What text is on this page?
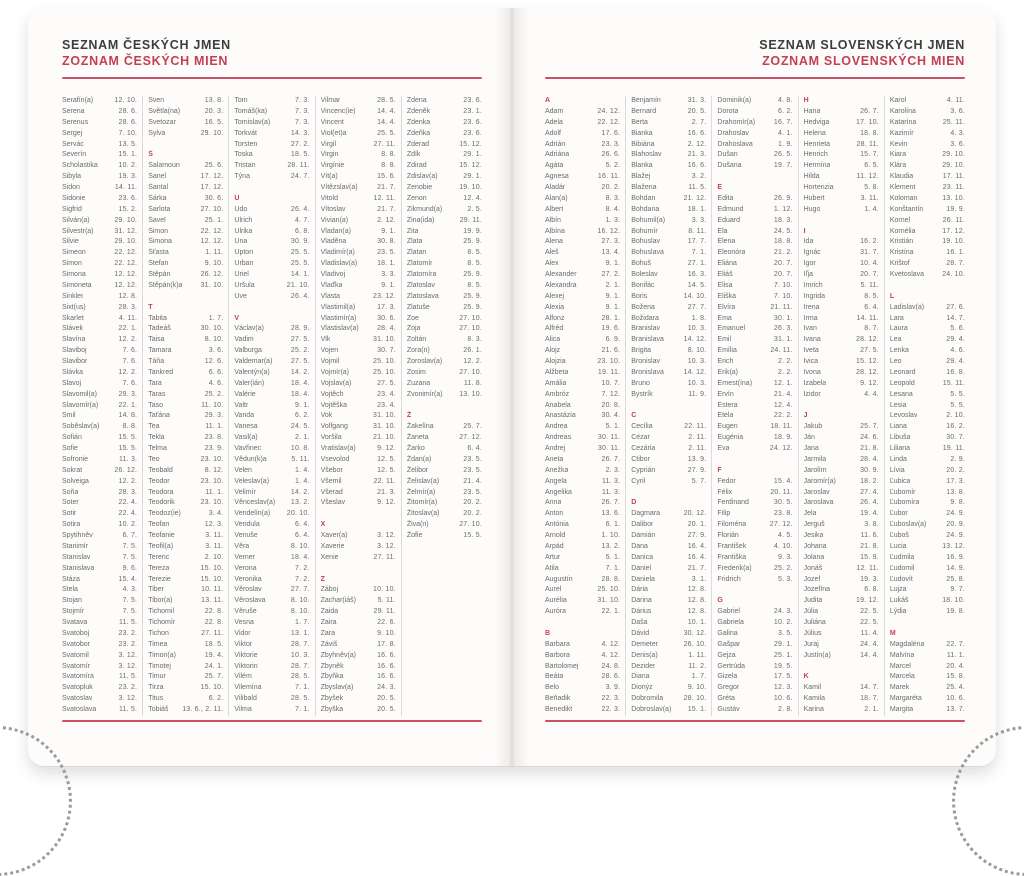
SEZNAM ČESKÝCH JMEN
ZOZNAM ČESKÝCH MIEN
Serafín(a)	12. 10.
Serena	28. 6.
Serenus	28. 6.
Sergej	7. 10.
Servác	13. 5.
Severín	15. 1.
Scholastika	10. 2.
Sibyla	19. 3.
Sidon	14. 11.
Sidonie	23. 6.
Sigfrid	15. 2.
Silván(a)	29. 10.
Silvestr(a)	31. 12.
Silvie	29. 10.
Simeon	22. 12.
Simon	22. 12.
Simona	12. 12.
Simoneta	12. 12.
Sinkler	12. 8.
Sixt(us)	28. 3.
Skarlet	4. 11.
Slávek	22. 1.
Slavína	12. 2.
Slaviboj	7. 6.
Slavibor	7. 6.
Slávka	12. 2.
Slavoj	7. 6.
Slavomil(a)	29. 3.
Slavomír(a)	22. 1.
Smil	14. 8.
Soběslav(a)	8. 8.
Sofián	15. 5.
Sofie	15. 5.
Sofronie	11. 3.
Sokrat	26. 12.
Solveiga	12. 2.
Soňa	28. 3.
Soter	22. 4.
Sotir	22. 4.
Sotira	10. 2.
Spytihněv	6. 7.
Stanimír	7. 5.
Stanislav	7. 5.
Stanislava	9. 6.
Stáza	15. 4.
Stela	4. 3.
Stojan	7. 5.
Stojmír	7. 5.
Svatava	11. 5.
Svatoboj	23. 2.
Svatobor	23. 2.
Svatomil	3. 12.
Svatomír	3. 12.
Svatomíra	11. 5.
Svatopluk	23. 2.
Svatoslav	3. 12.
Svatoslava	11. 5.
Sven	13. 8.
Světla(na)	20. 3.
Svetozar	16. 5.
Sylva	29. 10.
Š
Šalamoun	25. 6.
Šanel	17. 12.
Šantal	17. 12.
Šárka	30. 6.
Šarlota	27. 10.
Šavel	25. 1.
Šimon	22. 12.
Šimona	12. 12.
Šťasta	1. 11.
Štefan	9. 10.
Štěpán	26. 12.
Štěpán(k)a	31. 10.
T
Tabita	1. 7.
Tadeáš	30. 10.
Taisa	8. 10.
Tamara	3. 6.
Táňa	12. 6.
Tankred	6. 6.
Tara	4. 6.
Taras	25. 2.
Taso	11. 10.
Taťána	29. 3.
Tea	11. 1.
Tekla	23. 8.
Telma	23. 9.
Teo	23. 10.
Teobald	8. 12.
Teodor	23. 10.
Teodora	11. 1.
Teodorik	23. 10.
Teodoz(ie)	3. 4.
Teofan	12. 3.
Teofanie	3. 11.
Teofil(a)	3. 11.
Terenc	2. 10.
Tereza	15. 10.
Terezie	15. 10.
Tiber	10. 11.
Tibor(a)	13. 11.
Tichomil	22. 8.
Tichomír	22. 8.
Tichon	27. 11.
Timea	18. 5.
Timon(a)	19. 4.
Timotej	24. 1.
Timur	25. 7.
Tirza	15. 10.
Titus	6. 2.
Tobiáš 13. 6., 2. 11.
Tom	7. 3.
Tomáš(ka)	7. 3.
Tomislav(a)	7. 3.
Torkvát	14. 3.
Torsten	27. 2.
Toska	18. 5.
Tristan	28. 11.
Týna	24. 7.
U
Udo	26. 4.
Ulrich	4. 7.
Ulrika	6. 8.
Una	30. 9.
Upton	25. 5.
Urban	25. 5.
Uriel	14. 1.
Uršula	21. 10.
Uve	26. 4.
V
Václav(a)	28. 9.
Vadim	27. 5.
Valburga	25. 2.
Valdemar(a)	27. 5.
Valentýn(a)	14. 2.
Valer(ián)	18. 4.
Valérie	18. 4.
Valtr	9. 1.
Vanda	6. 2.
Vanesa	24. 5.
Vasil(a)	2. 1.
Vavřinec	10. 8.
Vědun(k)a	5. 11.
Velen	1. 4.
Veleslav(a)	1. 4.
Velimír	14. 2.
Věnceslav(a) 13. 2.
Vendelín(a) 20. 10.
Vendula	6. 4.
Venuše	6. 4.
Věra	8. 10.
Verner	18. 4.
Verona	7. 2.
Veronika	7. 2.
Věroslav	27. 7.
Věroslava	8. 10.
Věruše	8. 10.
Vesna	1. 7.
Vidor	13. 1.
Viktor	28. 7.
Viktorie	10. 3.
Viktorin	28. 7.
Vilém	28. 5.
Vilemína	7. 1.
Vilibald	28. 5.
Vilma	7. 1.
Vilmar	28. 5.
Vincenc(ie)	14. 4.
Vincent	14. 4.
Viol(et)a	25. 5.
Virgil	27. 11.
Virgin	8. 8.
Virgínie	8. 8.
Vít(a)	15. 6.
Vítězslav(a)	21. 7.
Vitold	12. 11.
Vítoslav	21. 7.
Vivian(a)	2. 12.
Vladan(a)	9. 1.
Vladěna	30. 8.
Vladimír(a)	23. 5.
Vladislav(a)	18. 1.
Vladivoj	3. 3.
Vlaďka	9. 1.
Vlasta	23. 12.
Vlastimil(a)	17. 3.
Vlastimír(a)	30. 6.
Vlastislav(a)	28. 4.
Vlk	31. 10.
Vojen	30. 7.
Vojmil	25. 10.
Vojmír(a)	25. 10.
Vojslav(a)	27. 5.
Vojtěch	23. 4.
Vojtěška	23. 4.
Vok	31. 10.
Volfgang	31. 10.
Voršila	21. 10.
Vratislav(a)	9. 12.
Vsevolod	12. 5.
Všebor	12. 5.
Všemil	22. 11.
Všerad	21. 3.
Všeslav	9. 12.
X
Xaver(a)	3. 12.
Xaverie	3. 12.
Xenie	27. 11.
Z
Záboj	10. 10.
Zachar(iáš)	5. 11.
Zaida	29. 11.
Zaira	22. 6.
Zara	9. 10.
Záviš	17. 8.
Zbyhněv(a)	16. 6.
Zbyněk	16. 6.
Zbyňka	16. 6.
Zbyslav(a)	24. 3.
Zbyšek	20. 5.
Zbyška	20. 5.
Zdena	23. 6.
Zdeněk	23. 1.
Zdenka	23. 6.
Zdeňka	23. 6.
Zderad	15. 12.
Zdík	29. 1.
Zdirad	15. 12.
Zdislav(a)	29. 1.
Zenobie	19. 10.
Zenon	12. 4.
Zikmund(a)	2. 5.
Zina(ida)	29. 11.
Zita	19. 9.
Zlata	25. 9.
Zlatan	8. 5.
Zlatomír	8. 5.
Zlatomíra	25. 9.
Zlatoslav	8. 5.
Zlatoslava	25. 9.
Zlatuše	25. 9.
Zoe	27. 10.
Zoja	27. 10.
Zoltán	8. 3.
Zora(n)	26. 1.
Zoroslav(a)	12. 2.
Zosim	27. 10.
Zuzana	11. 8.
Zvonimír(a) 13. 10.
Ž
Žakelína	25. 7.
Žaneta	27. 12.
Žarko	6. 4.
Ždan(a)	23. 5.
Želibor	23. 5.
Želislav(a)	21. 4.
Želmír(a)	23. 5.
Žitomír(a)	20. 2.
Žitoslav(a)	20. 2.
Živa(n)	27. 10.
Žofie	15. 5.
SEZNAM SLOVENSKÝCH JMEN
ZOZNAM SLOVENSKÝCH MIEN
A
Adam	24. 12.
Adela	22. 12.
Adolf	17. 6.
Adrián	23. 3.
Adriána	26. 6.
Agáta	5. 2.
Agnesa	16. 11.
Aladár	20. 2.
Alan(a)	8. 3.
Albert	8. 4.
Albín	1. 3.
Albína	16. 12.
Alena	27. 3.
Aleš	13. 4.
Alex	9. 1.
Alexander	27. 2.
Alexandra	2. 1.
Alexej	9. 1.
Alexia	9. 1.
Alfonz	28. 1.
Alfréd	19. 6.
Alica	6. 9.
Alojz	21. 6.
Alojzia	23. 10.
Alžbeta	19. 11.
Amália	10. 7.
Ambróz	7. 12.
Anabela	20. 8.
Anastázia	30. 4.
Andrea	5. 1.
Andreas	30. 11.
Andrej	30. 11.
Aneta	26. 7.
Anežka	2. 3.
Angela	11. 3.
Angelika	11. 3.
Anna	26. 7.
Anton	13. 6.
Antónia	6. 1.
Arnold	1. 10.
Arpád	13. 2.
Artur	5. 1.
Atila	7. 1.
Augustín	28. 8.
Aurel	25. 10.
Aurélia	31. 10.
Auróra	22. 1.
B
Barbara	4. 12.
Barbora	4. 12.
Bartolomej	24. 8.
Beáta	28. 6.
Belo	3. 9.
Beňadik	22. 3.
Benedikt	22. 3.
Benjamín	31. 3.
Bernard	20. 5.
Berta	2. 7.
Bianka	16. 6.
Bibiána	2. 12.
Blahoslav	21. 3.
Blanka	16. 6.
Blažej	3. 2.
Blažena	11. 5.
Bohdan	21. 12.
Bohdana	18. 1.
Bohumil(a)	3. 3.
Bohumír	8. 11.
Bohuslav	17. 7.
Bohuslava	7. 1.
Bohuš	27. 1.
Boleslav	16. 3.
Bonifác	14. 5.
Boris	14. 10.
Božena	27. 7.
Božidara	1. 8.
Branislav	10. 3.
Branislava	14. 12.
Brigita	8. 10.
Bronislav	10. 3.
Bronislava	14. 12.
Bruno	10. 3.
Bystrík	11. 9.
C
Cecília	22. 11.
Cézar	2. 11.
Cezária	2. 11.
Ctibor	13. 9.
Cyprián	27. 9.
Cyril	5. 7.
D
Dagmara	20. 12.
Dalibor	20. 1.
Damián	27. 9.
Dana	16. 4.
Danica	16. 4.
Daniel	21. 7.
Daniela	3. 1.
Dária	12. 8.
Darina	12. 8.
Dárius	12. 8.
Daša	10. 1.
Dávid	30. 12.
Demeter	26. 10.
Denis(a)	1. 11.
Dezider	11. 2.
Diana	1. 7.
Dionýz	9. 10.
Dobromila	28. 10.
Dobroslav(a) 15. 1.
Dominik(a)	4. 8.
Dorota	6. 2.
Drahomír(a)	16. 7.
Drahoslav	4. 1.
Drahoslava	1. 9.
Dušan	26. 5.
Dušana	19. 7.
E
Edita	26. 9.
Edmund	1. 12.
Eduard	18. 3.
Ela	24. 5.
Elena	18. 8.
Eleonóra	21. 2.
Eliána	20. 7.
Eliáš	20. 7.
Elisa	7. 10.
Eliška	7. 10.
Elvíra	21. 11.
Ema	30. 1.
Emanuel	26. 3.
Emil	31. 1.
Emília	24. 11.
Erich	2. 2.
Erik(a)	2. 2.
Ernest(ína)	12. 1.
Ervín	21. 4.
Estera	12. 4.
Etela	22. 2.
Eugen	18. 11.
Eugénia	18. 9.
Eva	24. 12.
F
Fedor	15. 4.
Félix	20. 11.
Ferdinand	30. 5.
Filip	23. 8.
Filoména	27. 12.
Florián	4. 5.
František	4. 10.
Františka	9. 3.
Frederik(a)	25. 2.
Fridrich	5. 3.
G
Gabriel	24. 3.
Gabriela	10. 2.
Galina	3. 5.
Gašpar	29. 1.
Gejza	25. 1.
Gertrúda	19. 5.
Gizela	17. 5.
Gregor	12. 3.
Gréta	10. 6.
Gustáv	2. 8.
H
Hana	26. 7.
Hedviga	17. 10.
Helena	18. 8.
Henrieta	28. 11.
Henrich	15. 7.
Hermína	6. 5.
Hilda	11. 12.
Hortenzia	5. 8.
Hubert	3. 11.
Hugo	1. 4.
I
Ida	16. 2.
Ignác	31. 7.
Igor	10. 4.
Iľja	20. 7.
Imrich	5. 11.
Ingrida	8. 5.
Irena	6. 4.
Irma	14. 11.
Ivan	8. 7.
Ivana	28. 12.
Iveta	27. 5.
Ivica	15. 12.
Ivona	28. 12.
Izabela	9. 12.
Izidor	4. 4.
J
Jakub	25. 7.
Ján	24. 6.
Jana	21. 8.
Jarmila	28. 4.
Jarolím	30. 9.
Jaromír(a)	18. 2.
Jaroslav	27. 4.
Jaroslava	26. 4.
Jela	19. 4.
Jerguš	3. 8.
Jesika	11. 6.
Johana	21. 8.
Jolana	15. 9.
Jonáš	12. 11.
Jozef	19. 3.
Jozefína	6. 8.
Judita	19. 12.
Júlia	22. 5.
Juliána	22. 5.
Július	11. 4.
Juraj	24. 4.
Justín(a)	14. 4.
K
Kamil	14. 7.
Kamila	18. 7.
Karina	2. 1.
Karol	4. 11.
Karolína	3. 6.
Katarína	25. 11.
Kazimír	4. 3.
Kevin	3. 6.
Kiara	29. 10.
Klára	29. 10.
Klaudia	17. 11.
Klement	23. 11.
Koloman	13. 10.
Konštantín	19. 9.
Kornel	26. 11.
Kornélia	17. 12.
Kristián	19. 10.
Kristína	16. 1.
Krištof	28. 7.
Kvetoslava	24. 10.
L
Ladislav(a)	27. 6.
Lara	14. 7.
Laura	5. 6.
Lea	29. 4.
Lenka	4. 6.
Leo	29. 4.
Leonard	16. 8.
Leopold	15. 11.
Lesana	5. 5.
Lesia	5. 5.
Levoslav	2. 10.
Liana	16. 2.
Libuša	30. 7.
Liliana	19. 11.
Linda	2. 9.
Lívia	20. 2.
Ľubica	17. 3.
Ľubomír	13. 8.
Ľubomíra	9. 8.
Ľubor	24. 9.
Ľuboslav(a)	20. 9.
Ľuboš	24. 9.
Lucia	13. 12.
Ľudmila	16. 9.
Ľudomil	14. 9.
Ľudovít	25. 8.
Lujza	9. 7.
Lukáš	18. 10.
Lýdia	19. 8.
M
Magdaléna	22. 7.
Malvína	11. 1.
Marcel	20. 4.
Marcela	15. 8.
Marek	25. 4.
Margaréta	10. 6.
Margita	13. 7.
